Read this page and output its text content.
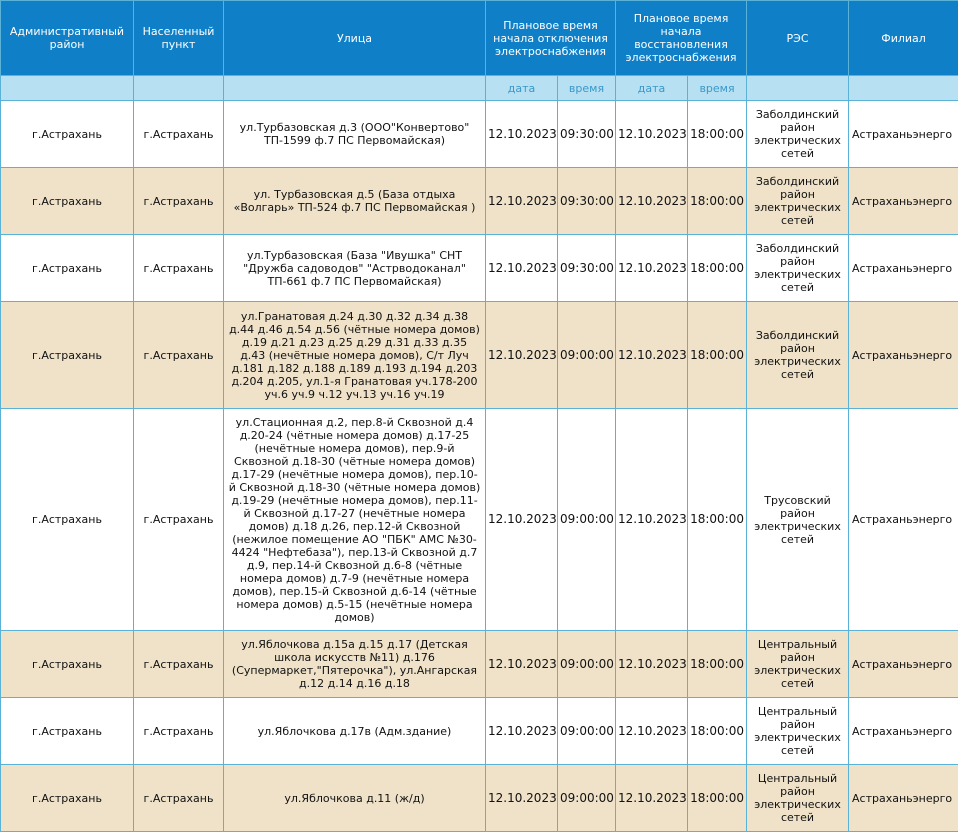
Административный район	Населенный пункт	Улица	Плановое время начала отключения электроснабжения		Плановое время начала восстановления электроснабжения		РЭС	Филиал
			дата	время	дата	время		
г.Астрахань	г.Астрахань	ул.Турбазовская д.3 (ООО"Конвертово" ТП-1599 ф.7 ПС Первомайская)	12.10.2023	09:30:00	12.10.2023	18:00:00	Заболдинский район электрических сетей	Астраханьэнерго
г.Астрахань	г.Астрахань	ул. Турбазовская д.5 (База отдыха «Волгарь» ТП-524 ф.7 ПС Первомайская )	12.10.2023	09:30:00	12.10.2023	18:00:00	Заболдинский район электрических сетей	Астраханьэнерго
г.Астрахань	г.Астрахань	ул.Турбазовская (База "Ивушка" СНТ "Дружба садоводов" "Астрводоканал" ТП-661 ф.7 ПС Первомайская)	12.10.2023	09:30:00	12.10.2023	18:00:00	Заболдинский район электрических сетей	Астраханьэнерго
г.Астрахань	г.Астрахань	ул.Гранатовая д.24 д.30 д.32 д.34 д.38 д.44 д.46 д.54 д.56 (чётные номера домов) д.19 д.21 д.23 д.25 д.29 д.31 д.33 д.35 д.43 (нечётные номера домов), С/т Луч д.181 д.182 д.188 д.189 д.193 д.194 д.203 д.204 д.205, ул.1-я Гранатовая уч.178-200 уч.6 уч.9 ч.12 уч.13 уч.16 уч.19	12.10.2023	09:00:00	12.10.2023	18:00:00	Заболдинский район электрических сетей	Астраханьэнерго
г.Астрахань	г.Астрахань	ул.Стационная д.2, пер.8-й Сквозной д.4 д.20-24 (чётные номера домов) д.17-25 (нечётные номера домов), пер.9-й Сквозной д.18-30 (чётные номера домов) д.17-29 (нечётные номера домов), пер.10-й Сквозной д.18-30 (чётные номера домов) д.19-29 (нечётные номера домов), пер.11-й Сквозной д.17-27 (нечётные номера домов) д.18 д.26, пер.12-й Сквозной (нежилое помещение АО "ПБК" АМС №30-4424 "Нефтебаза"), пер.13-й Сквозной д.7 д.9, пер.14-й Сквозной д.6-8 (чётные номера домов) д.7-9 (нечётные номера домов), пер.15-й Сквозной д.6-14 (чётные номера домов) д.5-15 (нечётные номера домов)	12.10.2023	09:00:00	12.10.2023	18:00:00	Трусовский район электрических сетей	Астраханьэнерго
г.Астрахань	г.Астрахань	ул.Яблочкова д.15а д.15 д.17 (Детская школа искусств №11) д.176 (Супермаркет,"Пятерочка"), ул.Ангарская д.12 д.14 д.16 д.18	12.10.2023	09:00:00	12.10.2023	18:00:00	Центральный район электрических сетей	Астраханьэнерго
г.Астрахань	г.Астрахань	ул.Яблочкова д.17в (Адм.здание)	12.10.2023	09:00:00	12.10.2023	18:00:00	Центральный район электрических сетей	Астраханьэнерго
г.Астрахань	г.Астрахань	ул.Яблочкова д.11 (ж/д)	12.10.2023	09:00:00	12.10.2023	18:00:00	Центральный район электрических сетей	Астраханьэнерго
